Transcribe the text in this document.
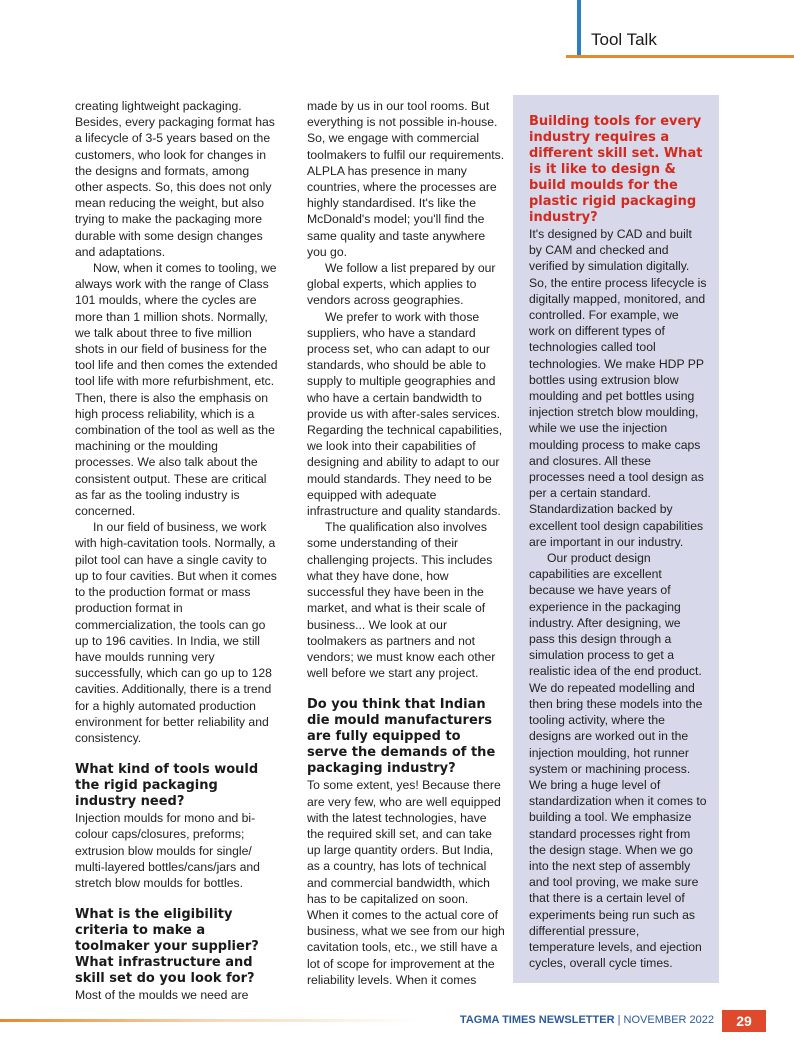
Tool Talk

creating lightweight packaging. Besides, every packaging format has a lifecycle of 3-5 years based on the customers, who look for changes in the designs and formats, among other aspects. So, this does not only mean reducing the weight, but also trying to make the packaging more durable with some design changes and adaptations.

Now, when it comes to tooling, we always work with the range of Class 101 moulds, where the cycles are more than 1 million shots. Normally, we talk about three to five million shots in our field of business for the tool life and then comes the extended tool life with more refurbishment, etc. Then, there is also the emphasis on high process reliability, which is a combination of the tool as well as the machining or the moulding processes. We also talk about the consistent output. These are critical as far as the tooling industry is concerned.

In our field of business, we work with high-cavitation tools. Normally, a pilot tool can have a single cavity to up to four cavities. But when it comes to the production format or mass production format in commercialization, the tools can go up to 196 cavities. In India, we still have moulds running very successfully, which can go up to 128 cavities. Additionally, there is a trend for a highly automated production environment for better reliability and consistency.

What kind of tools would the rigid packaging industry need?

Injection moulds for mono and bi-colour caps/closures, preforms; extrusion blow moulds for single/ multi-layered bottles/cans/jars and stretch blow moulds for bottles.

What is the eligibility criteria to make a toolmaker your supplier? What infrastructure and skill set do you look for?

Most of the moulds we need are

made by us in our tool rooms. But everything is not possible in-house. So, we engage with commercial toolmakers to fulfil our requirements. ALPLA has presence in many countries, where the processes are highly standardised. It's like the McDonald's model; you'll find the same quality and taste anywhere you go.

We follow a list prepared by our global experts, which applies to vendors across geographies.

We prefer to work with those suppliers, who have a standard process set, who can adapt to our standards, who should be able to supply to multiple geographies and who have a certain bandwidth to provide us with after-sales services. Regarding the technical capabilities, we look into their capabilities of designing and ability to adapt to our mould standards. They need to be equipped with adequate infrastructure and quality standards.

The qualification also involves some understanding of their challenging projects. This includes what they have done, how successful they have been in the market, and what is their scale of business... We look at our toolmakers as partners and not vendors; we must know each other well before we start any project.

Do you think that Indian die mould manufacturers are fully equipped to serve the demands of the packaging industry?

To some extent, yes! Because there are very few, who are well equipped with the latest technologies, have the required skill set, and can take up large quantity orders. But India, as a country, has lots of technical and commercial bandwidth, which has to be capitalized on soon.

When it comes to the actual core of business, what we see from our high cavitation tools, etc., we still have a lot of scope for improvement at the reliability levels. When it comes

Building tools for every industry requires a different skill set. What is it like to design & build moulds for the plastic rigid packaging industry?

It's designed by CAD and built by CAM and checked and verified by simulation digitally. So, the entire process lifecycle is digitally mapped, monitored, and controlled. For example, we work on different types of technologies called tool technologies. We make HDP PP bottles using extrusion blow moulding and pet bottles using injection stretch blow moulding, while we use the injection moulding process to make caps and closures. All these processes need a tool design as per a certain standard. Standardization backed by excellent tool design capabilities are important in our industry.

Our product design capabilities are excellent because we have years of experience in the packaging industry. After designing, we pass this design through a simulation process to get a realistic idea of the end product. We do repeated modelling and then bring these models into the tooling activity, where the designs are worked out in the injection moulding, hot runner system or machining process. We bring a huge level of standardization when it comes to building a tool. We emphasize standard processes right from the design stage. When we go into the next step of assembly and tool proving, we make sure that there is a certain level of experiments being run such as differential pressure, temperature levels, and ejection cycles, overall cycle times.

TAGMA TIMES NEWSLETTER | NOVEMBER 2022	29
